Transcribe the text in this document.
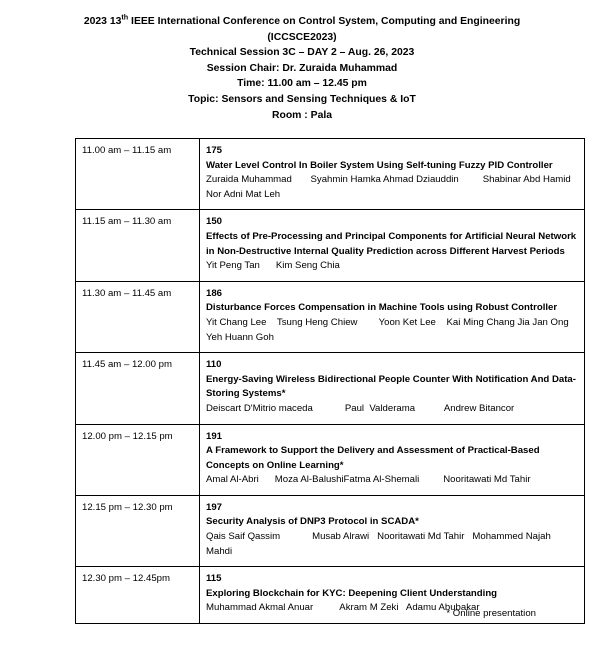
2023 13th IEEE International Conference on Control System, Computing and Engineering
(ICCSCE2023)
Technical Session 3C – DAY 2 – Aug. 26, 2023
Session Chair: Dr. Zuraida Muhammad
Time: 11.00 am – 12.45 pm
Topic: Sensors and Sensing Techniques & IoT
Room : Pala
11.00 am – 11.15 am	175
Water Level Control In Boiler System Using Self-tuning Fuzzy PID Controller
Zuraida Muhammad       Syahmin Hamka Ahmad Dziauddin         Shabinar Abd Hamid   Nor Adni Mat Leh

11.15 am – 11.30 am	150
Effects of Pre-Processing and Principal Components for Artificial Neural Network in Non-Destructive Internal Quality Prediction across Different Harvest Periods
Yit Peng Tan      Kim Seng Chia

11.30 am – 11.45 am	186
Disturbance Forces Compensation in Machine Tools using Robust Controller
Yit Chang Lee    Tsung Heng Chiew        Yoon Ket Lee    Kai Ming Chang Jia Jan Ong      Yeh Huann Goh

11.45 am – 12.00 pm	110
Energy-Saving Wireless Bidirectional People Counter With Notification And Data-Storing Systems*
Deiscart D'Mitrio maceda            Paul  Valderama           Andrew Bitancor

12.00 pm – 12.15 pm	191
A Framework to Support the Delivery and Assessment of Practical-Based Concepts on Online Learning*
Amal Al-Abri      Moza Al-BalushiFatma Al-Shemali         Nooritawati Md Tahir

12.15 pm – 12.30 pm	197
Security Analysis of DNP3 Protocol in SCADA*
Qais Saif Qassim            Musab Alrawi   Nooritawati Md Tahir   Mohammed Najah Mahdi

12.30 pm – 12.45pm	115
Exploring Blockchain for KYC: Deepening Client Understanding
Muhammad Akmal Anuar          Akram M Zeki   Adamu Abubakar
* Online presentation
